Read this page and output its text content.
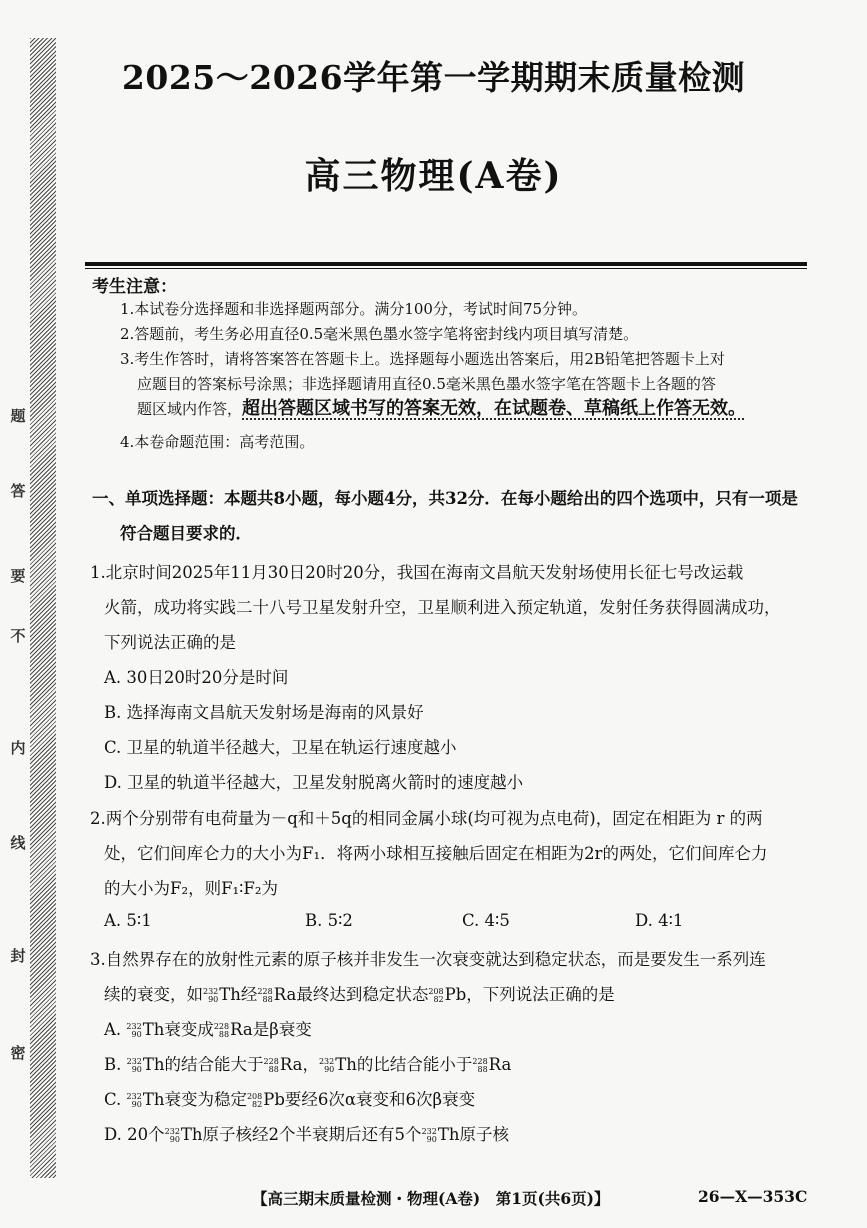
密
封
线
内
不
要
答
题
2025～2026学年第一学期期末质量检测
高三物理(A卷)
考生注意：
1.本试卷分选择题和非选择题两部分。满分100分，考试时间75分钟。
2.答题前，考生务必用直径0.5毫米黑色墨水签字笔将密封线内项目填写清楚。
3.考生作答时，请将答案答在答题卡上。选择题每小题选出答案后，用2B铅笔把答题卡上对
应题目的答案标号涂黑；非选择题请用直径0.5毫米黑色墨水签字笔在答题卡上各题的答
题区域内作答，超出答题区域书写的答案无效，在试题卷、草稿纸上作答无效。
4.本卷命题范围：高考范围。
一、单项选择题：本题共8小题，每小题4分，共32分．在每小题给出的四个选项中，只有一项是
符合题目要求的．
1.北京时间2025年11月30日20时20分，我国在海南文昌航天发射场使用长征七号改运载
火箭，成功将实践二十八号卫星发射升空，卫星顺利进入预定轨道，发射任务获得圆满成功，
下列说法正确的是
A. 30日20时20分是时间
B. 选择海南文昌航天发射场是海南的风景好
C. 卫星的轨道半径越大，卫星在轨运行速度越小
D. 卫星的轨道半径越大，卫星发射脱离火箭时的速度越小
2.两个分别带有电荷量为－q和＋5q的相同金属小球(均可视为点电荷)，固定在相距为 r 的两
处，它们间库仑力的大小为F₁．将两小球相互接触后固定在相距为2r的两处，它们间库仑力
的大小为F₂，则F₁∶F₂为
A. 5∶1	B. 5∶2	C. 4∶5	D. 4∶1
3.自然界存在的放射性元素的原子核并非发生一次衰变就达到稳定状态，而是要发生一系列连
续的衰变，如 232
90 Th经 228
88 Ra最终达到稳定状态 208
82 Pb，下列说法正确的是
A. 232
90 Th衰变成 228
88 Ra是β衰变
B. 232
90 Th的结合能大于 228
88 Ra， 232
90 Th的比结合能小于 228
88 Ra
C. 232
90 Th衰变为稳定 208
82 Pb要经6次α衰变和6次β衰变
D. 20个 232
90 Th原子核经2个半衰期后还有5个 232
90 Th原子核
【高三期末质量检测・物理(A卷)　第1页(共6页)】	26—X—353C
